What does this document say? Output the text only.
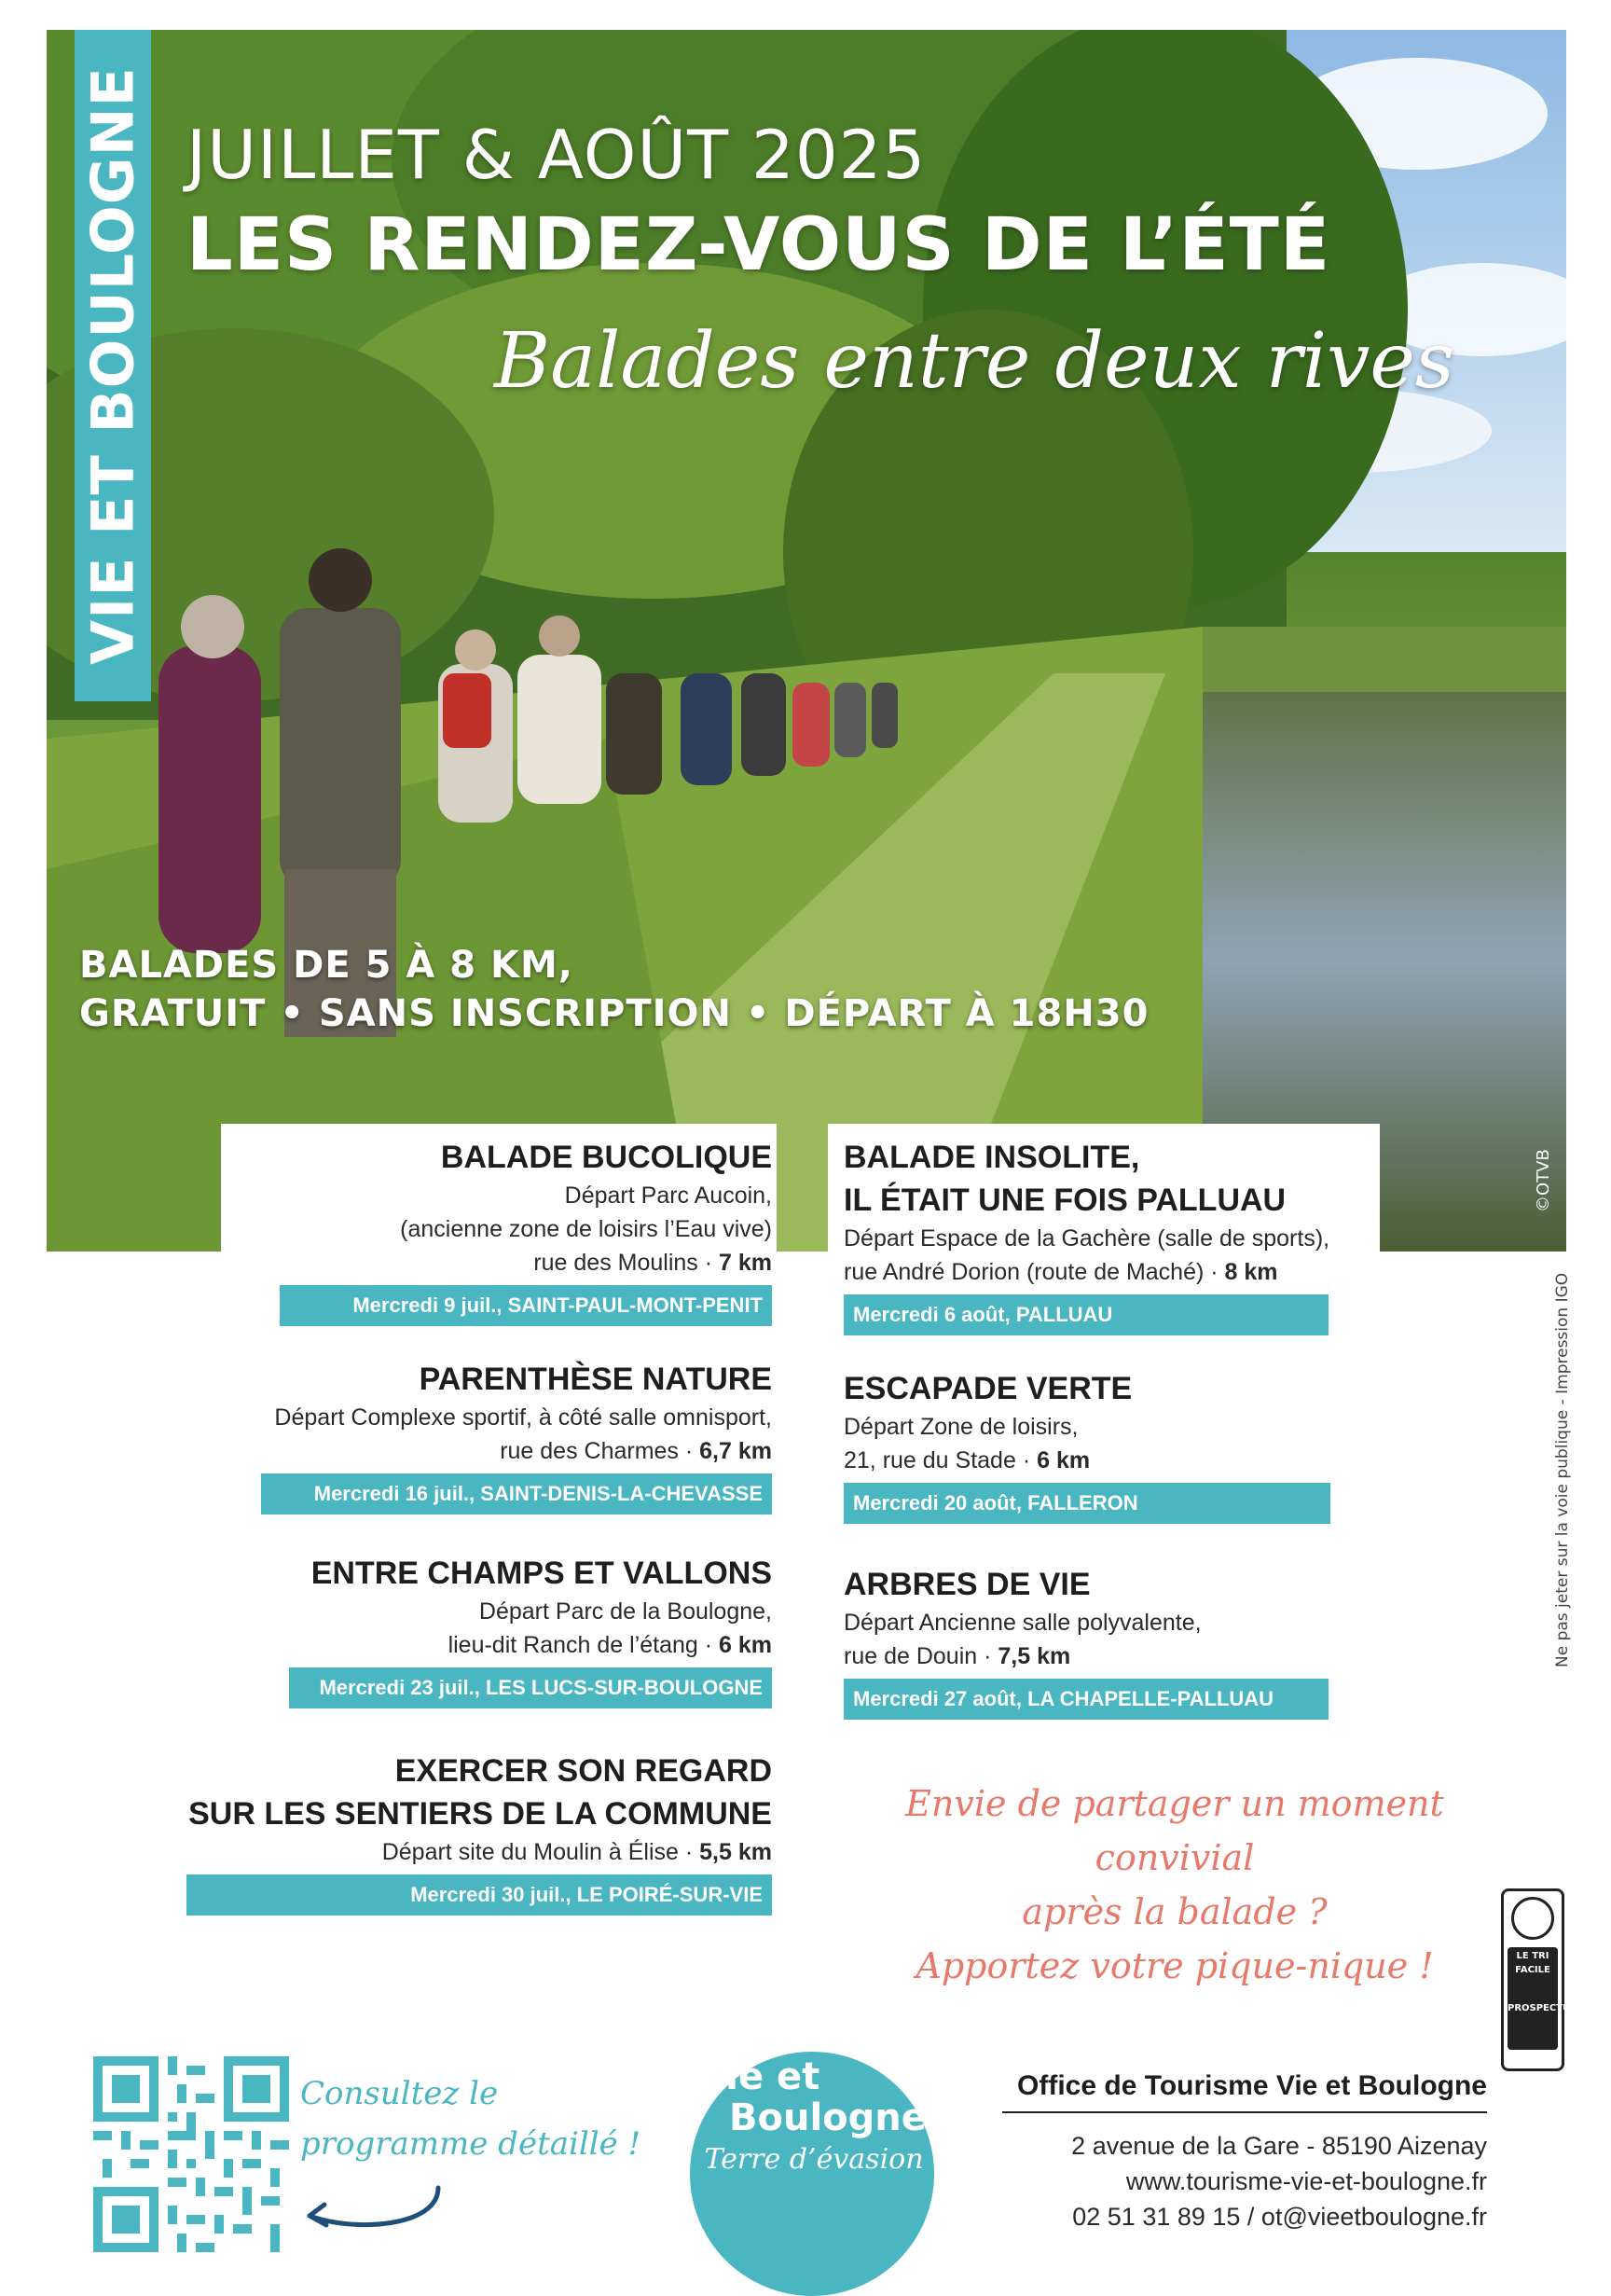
VIE ET BOULOGNE JUILLET & AOÛT 2025
LES RENDEZ-VOUS DE L’ÉTÉ
Balades entre deux rives
BALADES DE 5 À 8 KM,
GRATUIT • SANS INSCRIPTION • DÉPART À 18H30
©OTVB
BALADE BUCOLIQUE
Départ Parc Aucoin,
(ancienne zone de loisirs l’Eau vive)
rue des Moulins · 7 km
Mercredi 9 juil., SAINT-PAUL-MONT-PENIT
PARENTHÈSE NATURE
Départ Complexe sportif, à côté salle omnisport,
rue des Charmes · 6,7 km
Mercredi 16 juil., SAINT-DENIS-LA-CHEVASSE
ENTRE CHAMPS ET VALLONS
Départ Parc de la Boulogne,
lieu-dit Ranch de l’étang · 6 km
Mercredi 23 juil., LES LUCS-SUR-BOULOGNE
EXERCER SON REGARD
SUR LES SENTIERS DE LA COMMUNE
Départ site du Moulin à Élise · 5,5 km
Mercredi 30 juil., LE POIRÉ-SUR-VIE
BALADE INSOLITE,
IL ÉTAIT UNE FOIS PALLUAU
Départ Espace de la Gachère (salle de sports),
rue André Dorion (route de Maché) · 8 km
Mercredi 6 août, PALLUAU
ESCAPADE VERTE
Départ Zone de loisirs,
21, rue du Stade · 6 km
Mercredi 20 août, FALLERON
ARBRES DE VIE
Départ Ancienne salle polyvalente,
rue de Douin · 7,5 km
Mercredi 27 août, LA CHAPELLE-PALLUAU
Envie de partager un moment convivial
après la balade ?
Apportez votre pique-nique !
Ne pas jeter sur la voie publique - Impression IGO
LE TRI
FACILE
PROSPECTUS
Consultez le
programme détaillé !
Vie et
Boulogne
Terre d’évasion
Office de Tourisme Vie et Boulogne
2 avenue de la Gare - 85190 Aizenay
www.tourisme-vie-et-boulogne.fr
02 51 31 89 15 / ot@vieetboulogne.fr
